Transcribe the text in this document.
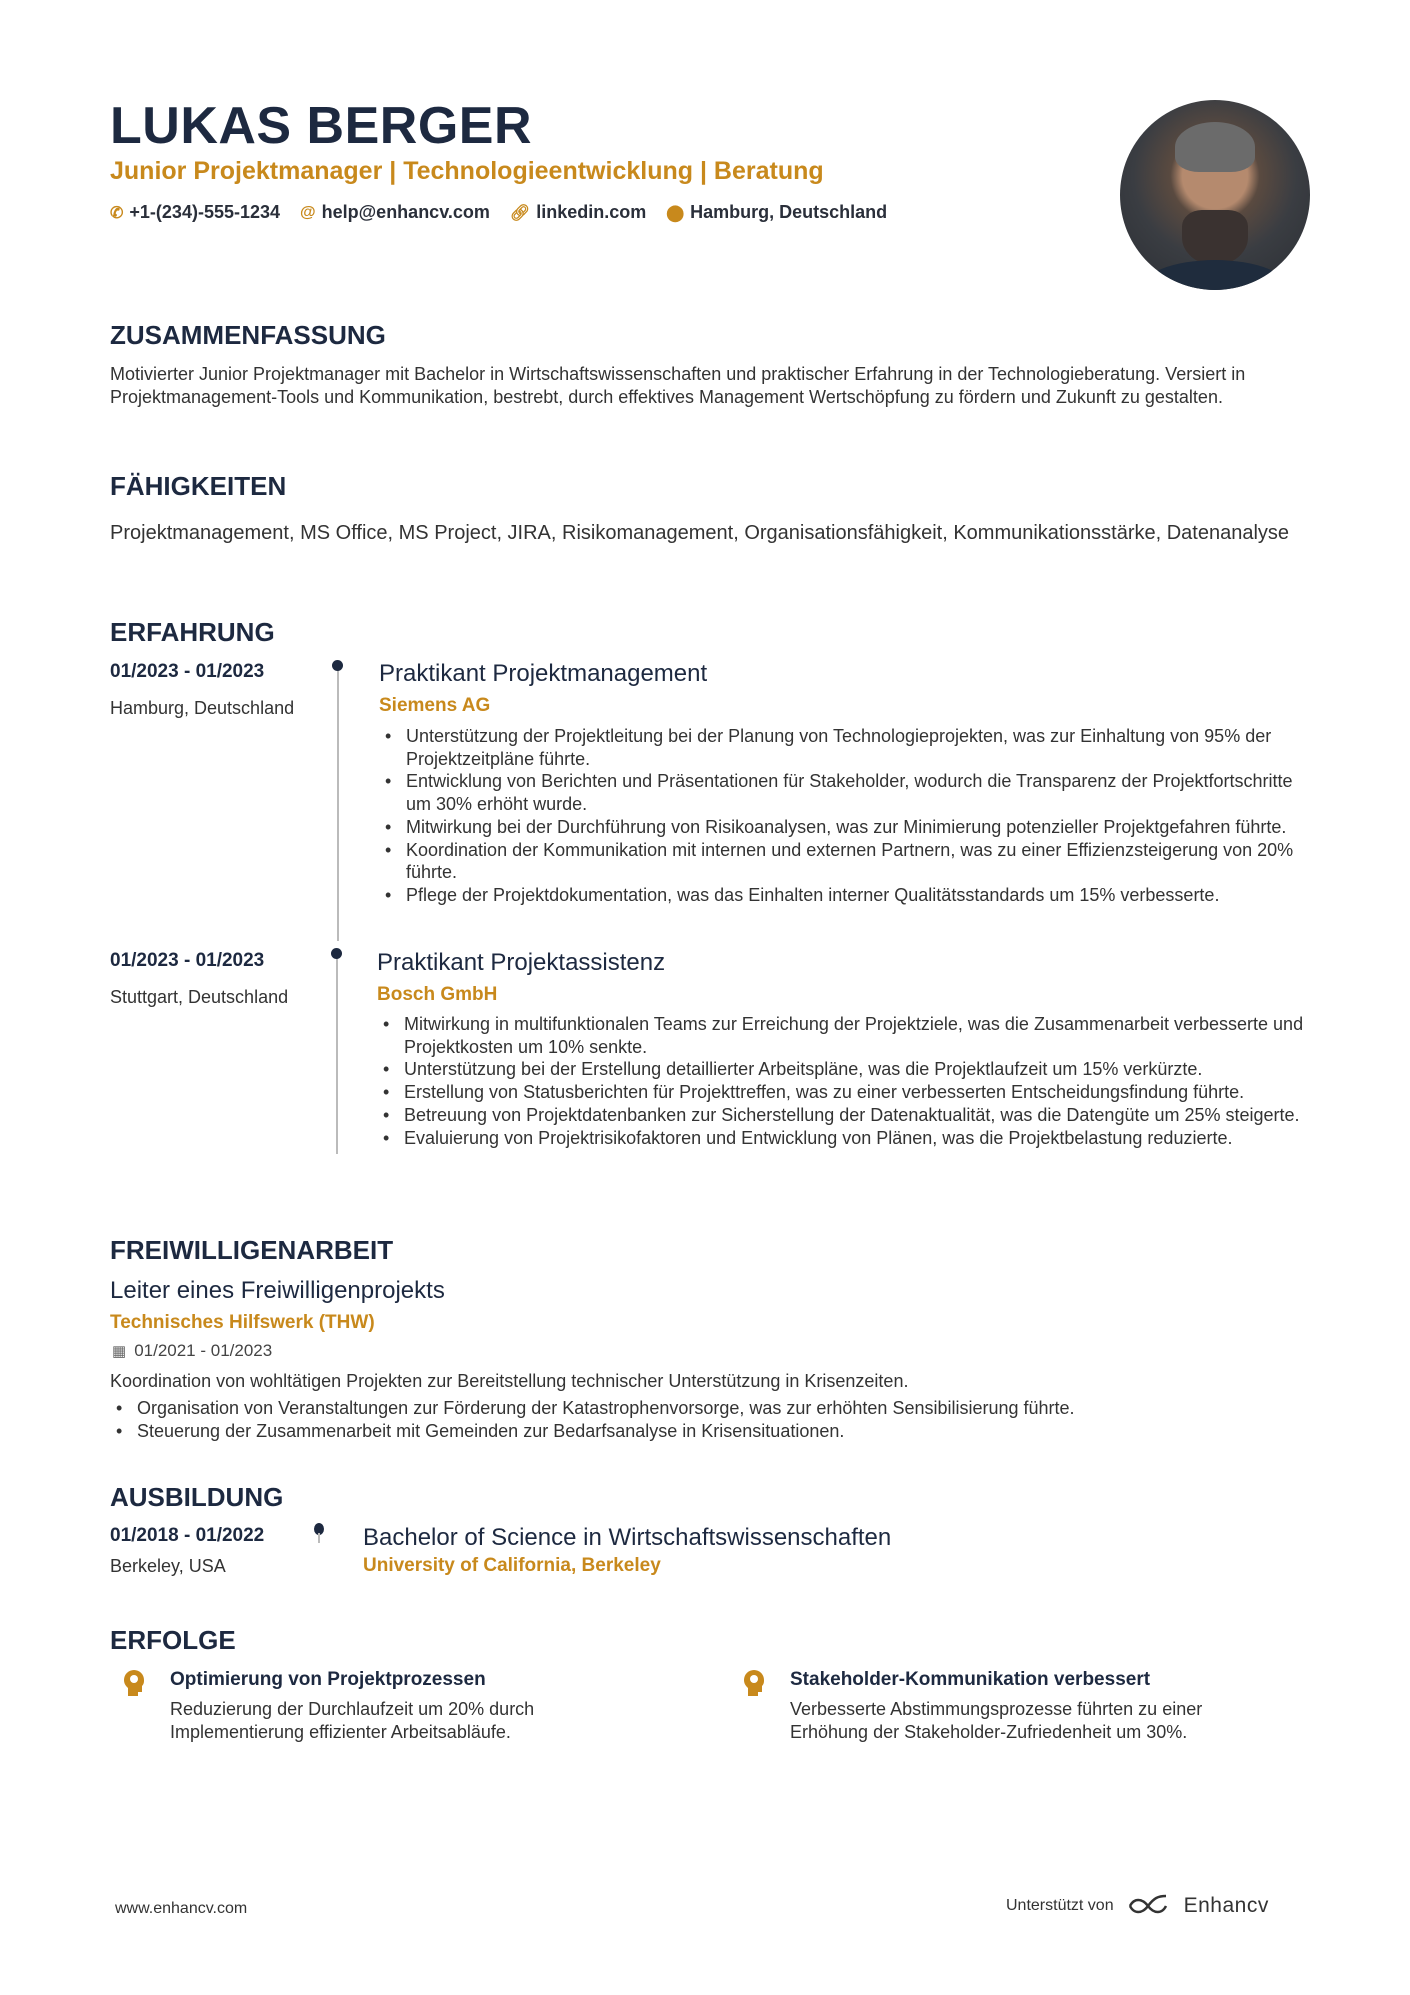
LUKAS BERGER
Junior Projektmanager | Technologieentwicklung | Beratung
✆ +1-(234)-555-1234 @ help@enhancv.com 🔗︎ linkedin.com ⬤ Hamburg, Deutschland
ZUSAMMENFASSUNG
Motivierter Junior Projektmanager mit Bachelor in Wirtschaftswissenschaften und praktischer Erfahrung in der Technologieberatung. Versiert in Projektmanagement-Tools und Kommunikation, bestrebt, durch effektives Management Wertschöpfung zu fördern und Zukunft zu gestalten.
FÄHIGKEITEN
Projektmanagement, MS Office, MS Project, JIRA, Risikomanagement, Organisationsfähigkeit, Kommunikationsstärke, Datenanalyse
ERFAHRUNG
01/2023 - 01/2023
Hamburg, Deutschland
Praktikant Projektmanagement
Siemens AG
• Unterstützung der Projektleitung bei der Planung von Technologieprojekten, was zur Einhaltung von 95% der Projektzeitpläne führte.
• Entwicklung von Berichten und Präsentationen für Stakeholder, wodurch die Transparenz der Projektfortschritte um 30% erhöht wurde.
• Mitwirkung bei der Durchführung von Risikoanalysen, was zur Minimierung potenzieller Projektgefahren führte.
• Koordination der Kommunikation mit internen und externen Partnern, was zu einer Effizienzsteigerung von 20% führte.
• Pflege der Projektdokumentation, was das Einhalten interner Qualitätsstandards um 15% verbesserte.
01/2023 - 01/2023
Stuttgart, Deutschland
Praktikant Projektassistenz
Bosch GmbH
• Mitwirkung in multifunktionalen Teams zur Erreichung der Projektziele, was die Zusammenarbeit verbesserte und Projektkosten um 10% senkte.
• Unterstützung bei der Erstellung detaillierter Arbeitspläne, was die Projektlaufzeit um 15% verkürzte.
• Erstellung von Statusberichten für Projekttreffen, was zu einer verbesserten Entscheidungsfindung führte.
• Betreuung von Projektdatenbanken zur Sicherstellung der Datenaktualität, was die Datengüte um 25% steigerte.
• Evaluierung von Projektrisikofaktoren und Entwicklung von Plänen, was die Projektbelastung reduzierte.
FREIWILLIGENARBEIT
Leiter eines Freiwilligenprojekts
Technisches Hilfswerk (THW)
▦ 01/2021 - 01/2023
Koordination von wohltätigen Projekten zur Bereitstellung technischer Unterstützung in Krisenzeiten.
• Organisation von Veranstaltungen zur Förderung der Katastrophenvorsorge, was zur erhöhten Sensibilisierung führte.
• Steuerung der Zusammenarbeit mit Gemeinden zur Bedarfsanalyse in Krisensituationen.
AUSBILDUNG
01/2018 - 01/2022
Berkeley, USA
Bachelor of Science in Wirtschaftswissenschaften
University of California, Berkeley
ERFOLGE
Optimierung von Projektprozessen
Reduzierung der Durchlaufzeit um 20% durch Implementierung effizienter Arbeitsabläufe.
Stakeholder-Kommunikation verbessert
Verbesserte Abstimmungsprozesse führten zu einer Erhöhung der Stakeholder-Zufriedenheit um 30%.
www.enhancv.com	Unterstützt von	Enhancv
